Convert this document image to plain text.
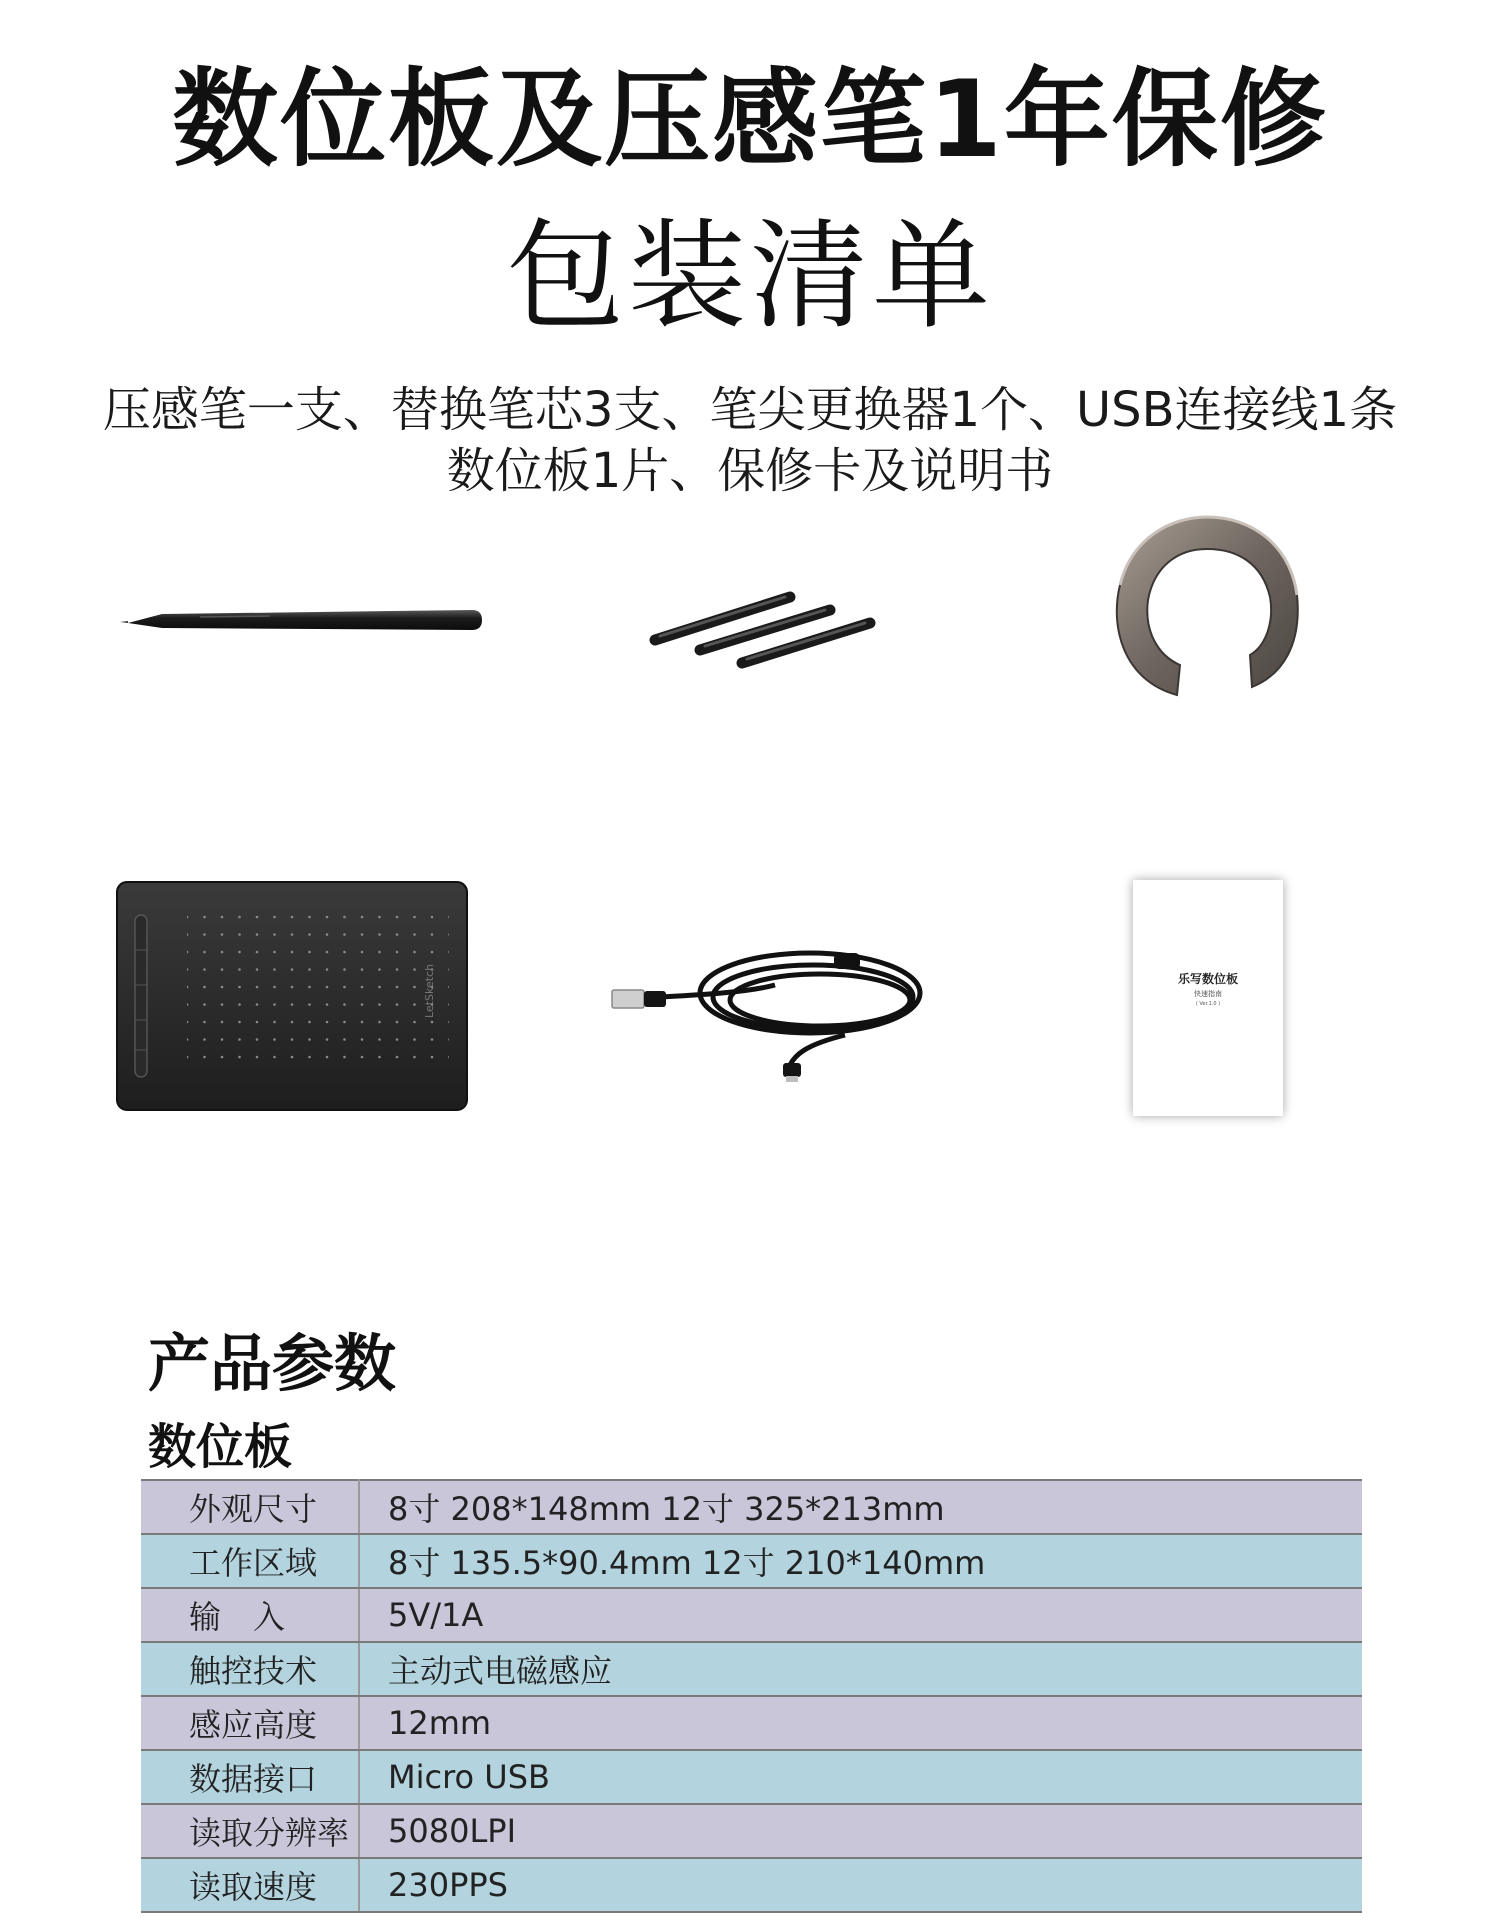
数位板及压感笔1年保修
包装清单
压感笔一支、替换笔芯3支、笔尖更换器1个、USB连接线1条
数位板1片、保修卡及说明书
LetSketch	乐写数位板
快速指南
( Ver.1.0 )
产品参数
数位板
外观尺寸	8寸 208*148mm 12寸 325*213mm
工作区域	8寸 135.5*90.4mm 12寸 210*140mm
输　入	5V/1A
触控技术	主动式电磁感应
感应高度	12mm
数据接口	Micro USB
读取分辨率	5080LPI
读取速度	230PPS
